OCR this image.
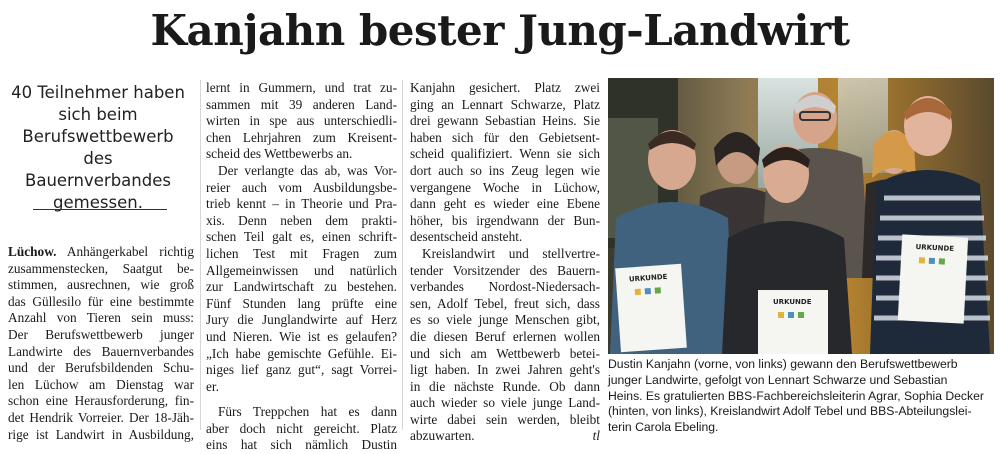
Kanjahn bester Jung-Landwirt
40 Teilnehmer haben
sich beim
Berufswettbewerb des
Bauernverbandes
gemessen.
Lüchow. Anhängerkabel richtig
zusammenstecken, Saatgut be-
stimmen, ausrechnen, wie groß
das Güllesilo für eine bestimmte
Anzahl von Tieren sein muss:
Der Berufswettbewerb junger
Landwirte des Bauernverbandes
und der Berufsbildenden Schu-
len Lüchow am Dienstag war
schon eine Herausforderung, fin-
det Hendrik Vorreier. Der 18-Jäh-
rige ist Landwirt in Ausbildung,
lernt in Gummern, und trat zu-
sammen mit 39 anderen Land-
wirten in spe aus unterschiedli-
chen Lehrjahren zum Kreisent-
scheid des Wettbewerbs an.
Der verlangte das ab, was Vor-
reier auch vom Ausbildungsbe-
trieb kennt – in Theorie und Pra-
xis. Denn neben dem prakti-
schen Teil galt es, einen schrift-
lichen Test mit Fragen zum
Allgemeinwissen und natürlich
zur Landwirtschaft zu bestehen.
Fünf Stunden lang prüfte eine
Jury die Junglandwirte auf Herz
und Nieren. Wie ist es gelaufen?
„Ich habe gemischte Gefühle. Ei-
niges lief ganz gut“, sagt Vorrei-
er.
Fürs Treppchen hat es dann
aber doch nicht gereicht. Platz
eins hat sich nämlich Dustin
Kanjahn gesichert. Platz zwei
ging an Lennart Schwarze, Platz
drei gewann Sebastian Heins. Sie
haben sich für den Gebietsent-
scheid qualifiziert. Wenn sie sich
dort auch so ins Zeug legen wie
vergangene Woche in Lüchow,
dann geht es wieder eine Ebene
höher, bis irgendwann der Bun-
desentscheid ansteht.
Kreislandwirt und stellvertre-
tender Vorsitzender des Bauern-
verbandes Nordost-Niedersach-
sen, Adolf Tebel, freut sich, dass
es so viele junge Menschen gibt,
die diesen Beruf erlernen wollen
und sich am Wettbewerb betei-
ligt haben. In zwei Jahren geht's
in die nächste Runde. Ob dann
auch wieder so viele junge Land-
wirte dabei sein werden, bleibt
abzuwarten.	tl
URKUNDE
URKUNDE
URKUNDE
Dustin Kanjahn (vorne, von links) gewann den Berufswettbewerb
junger Landwirte, gefolgt von Lennart Schwarze und Sebastian
Heins. Es gratulierten BBS-Fachbereichsleiterin Agrar, Sophia Decker
(hinten, von links), Kreislandwirt Adolf Tebel und BBS-Abteilungslei-
terin Carola Ebeling.
